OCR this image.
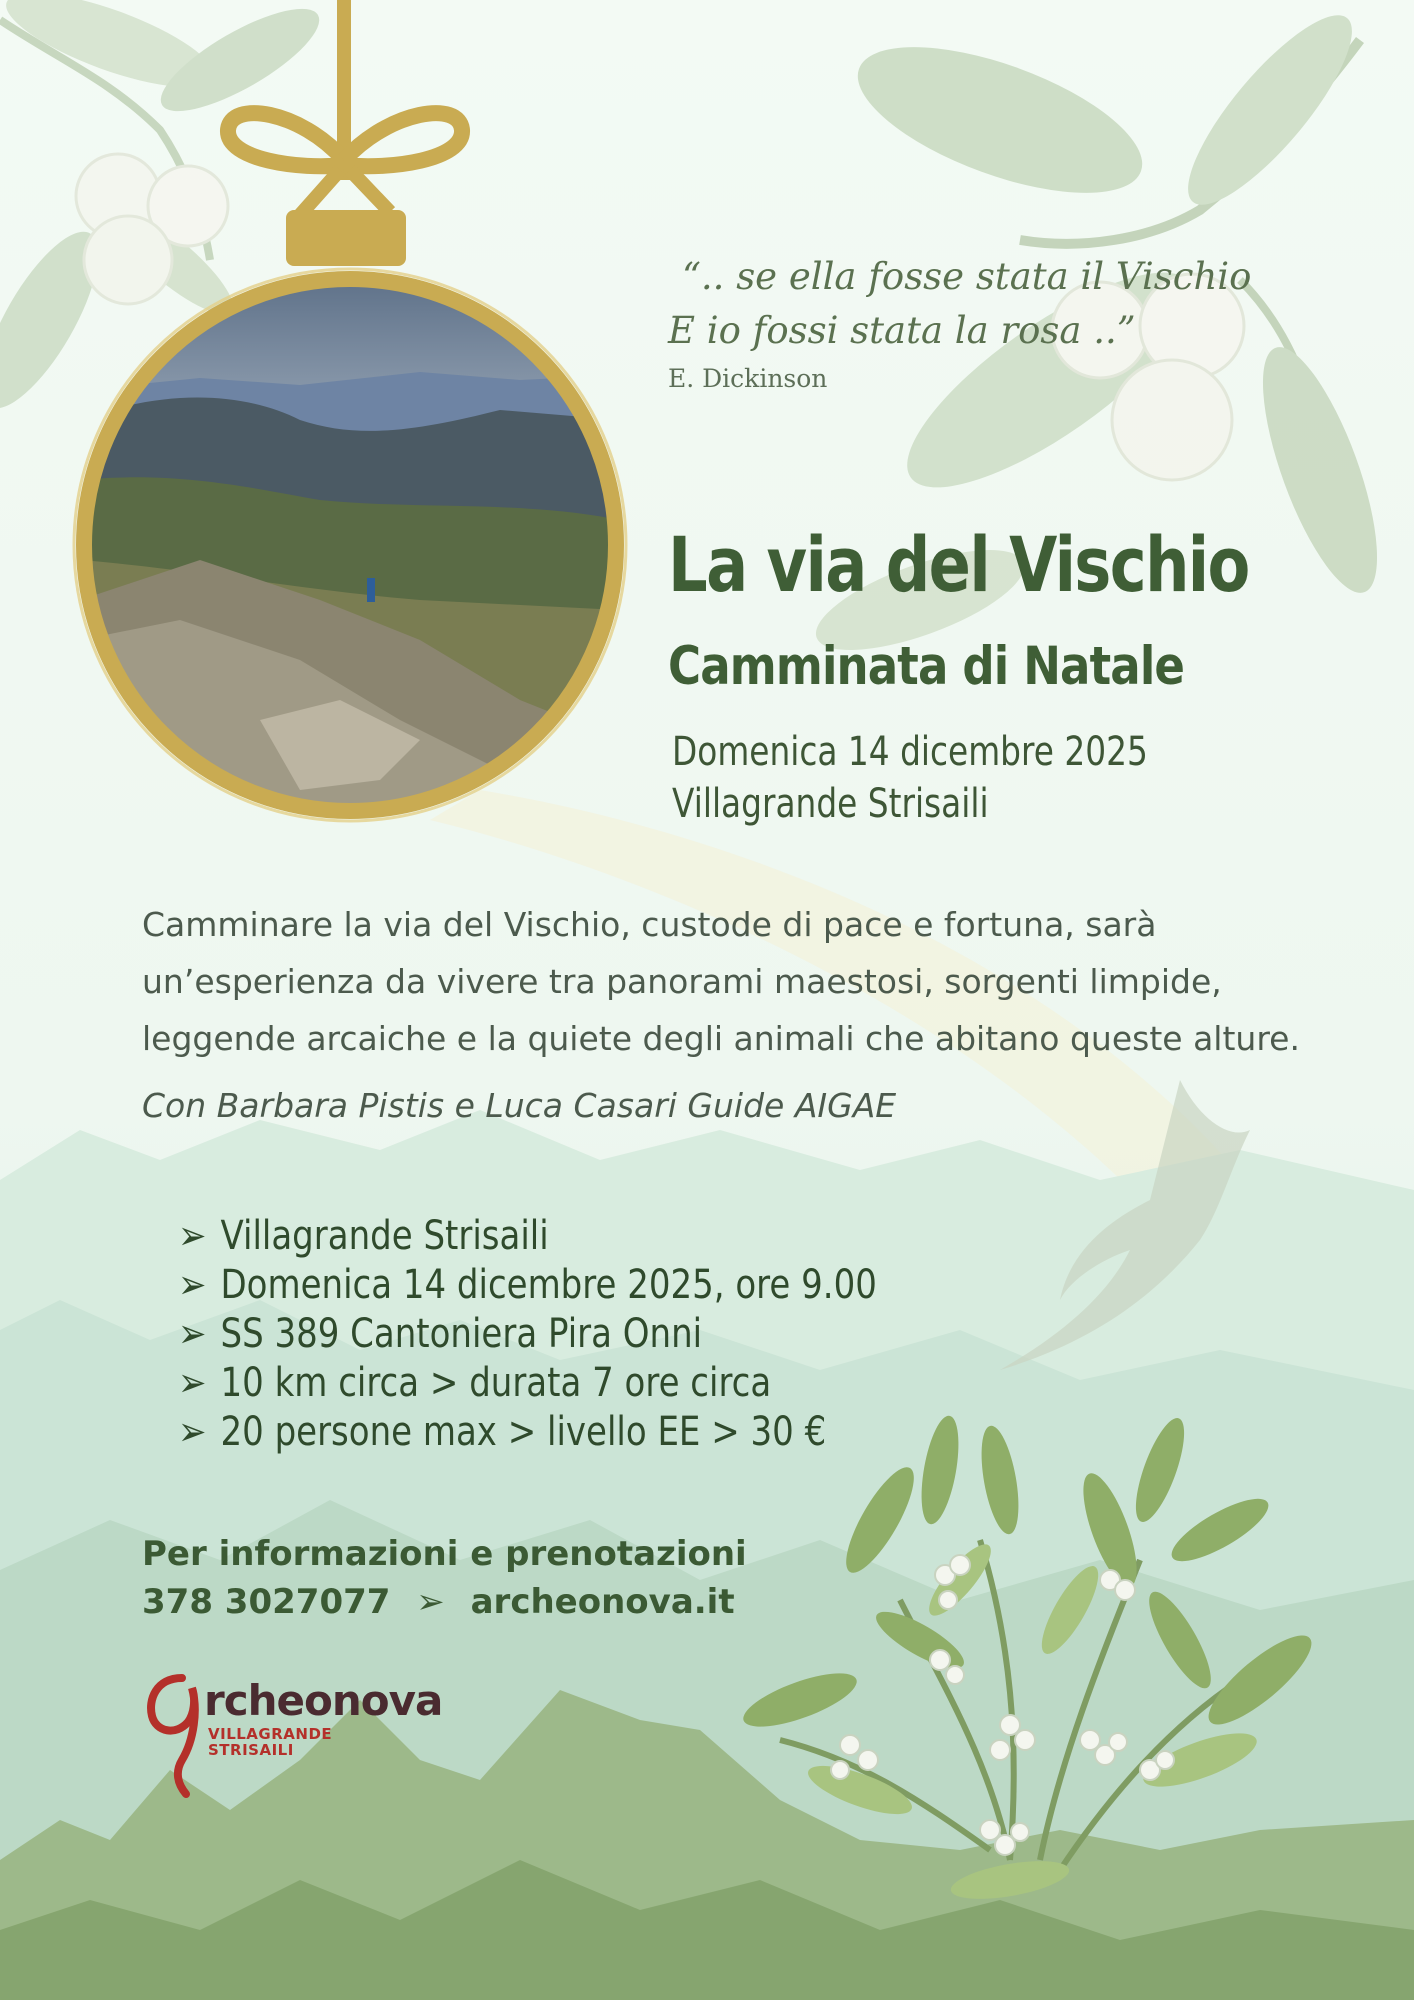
“.. se ella fosse stata il Vischio
E io fossi stata la rosa ..”
E. Dickinson
La via del Vischio
Camminata di Natale
Domenica 14 dicembre 2025
Villagrande Strisaili
Camminare la via del Vischio, custode di pace e fortuna, sarà un’esperienza da vivere tra panorami maestosi, sorgenti limpide, leggende arcaiche e la quiete degli animali che abitano queste alture.
Con Barbara Pistis e Luca Casari Guide AIGAE
➢ Villagrande Strisaili
➢ Domenica 14 dicembre 2025, ore 9.00
➢ SS 389 Cantoniera Pira Onni
➢ 10 km circa > durata 7 ore circa
➢ 20 persone max > livello EE > 30 €
Per informazioni e prenotazioni
378 3027077 ➢ archeonova.it
rcheonova
VILLAGRANDE
STRISAILI
